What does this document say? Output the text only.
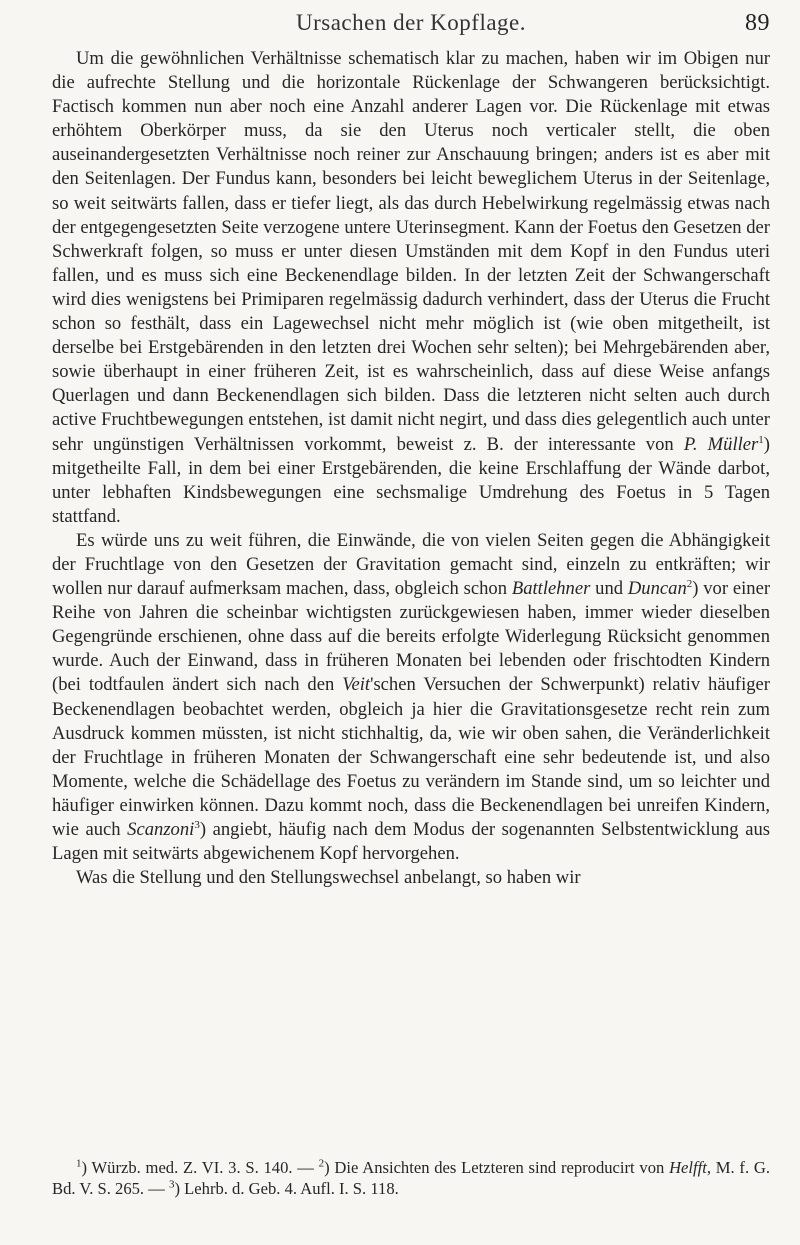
Ursachen der Kopflage.	89

Um die gewöhnlichen Verhältnisse schematisch klar zu machen, haben wir im Obigen nur die aufrechte Stellung und die horizontale Rückenlage der Schwangeren berücksichtigt. Factisch kommen nun aber noch eine Anzahl anderer Lagen vor. Die Rückenlage mit etwas erhöhtem Oberkörper muss, da sie den Uterus noch verticaler stellt, die oben auseinandergesetzten Verhältnisse noch reiner zur Anschauung bringen; anders ist es aber mit den Seitenlagen. Der Fundus kann, besonders bei leicht beweglichem Uterus in der Seitenlage, so weit seitwärts fallen, dass er tiefer liegt, als das durch Hebelwirkung regelmässig etwas nach der entgegengesetzten Seite verzogene untere Uterinsegment. Kann der Foetus den Gesetzen der Schwerkraft folgen, so muss er unter diesen Umständen mit dem Kopf in den Fundus uteri fallen, und es muss sich eine Beckenendlage bilden. In der letzten Zeit der Schwangerschaft wird dies wenigstens bei Primiparen regelmässig dadurch verhindert, dass der Uterus die Frucht schon so festhält, dass ein Lagewechsel nicht mehr möglich ist (wie oben mitgetheilt, ist derselbe bei Erstgebärenden in den letzten drei Wochen sehr selten); bei Mehrgebärenden aber, sowie überhaupt in einer früheren Zeit, ist es wahrscheinlich, dass auf diese Weise anfangs Querlagen und dann Beckenendlagen sich bilden. Dass die letzteren nicht selten auch durch active Fruchtbewegungen entstehen, ist damit nicht negirt, und dass dies gelegentlich auch unter sehr ungünstigen Verhältnissen vorkommt, beweist z. B. der interessante von P. Müller$^1$) mitgetheilte Fall, in dem bei einer Erstgebärenden, die keine Erschlaffung der Wände darbot, unter lebhaften Kindsbewegungen eine sechsmalige Umdrehung des Foetus in 5 Tagen stattfand.

Es würde uns zu weit führen, die Einwände, die von vielen Seiten gegen die Abhängigkeit der Fruchtlage von den Gesetzen der Gravitation gemacht sind, einzeln zu entkräften; wir wollen nur darauf aufmerksam machen, dass, obgleich schon Battlehner und Duncan$^2$) vor einer Reihe von Jahren die scheinbar wichtigsten zurückgewiesen haben, immer wieder dieselben Gegengründe erschienen, ohne dass auf die bereits erfolgte Widerlegung Rücksicht genommen wurde. Auch der Einwand, dass in früheren Monaten bei lebenden oder frischtodten Kindern (bei todtfaulen ändert sich nach den Veit'schen Versuchen der Schwerpunkt) relativ häufiger Beckenendlagen beobachtet werden, obgleich ja hier die Gravitationsgesetze recht rein zum Ausdruck kommen müssten, ist nicht stichhaltig, da, wie wir oben sahen, die Veränderlichkeit der Fruchtlage in früheren Monaten der Schwangerschaft eine sehr bedeutende ist, und also Momente, welche die Schädellage des Foetus zu verändern im Stande sind, um so leichter und häufiger einwirken können. Dazu kommt noch, dass die Beckenendlagen bei unreifen Kindern, wie auch Scanzoni$^3$) angiebt, häufig nach dem Modus der sogenannten Selbstentwicklung aus Lagen mit seitwärts abgewichenem Kopf hervorgehen.

Was die Stellung und den Stellungswechsel anbelangt, so haben wir

$^1$) Würzb. med. Z. VI. 3. S. 140. — $^2$) Die Ansichten des Letzteren sind reproducirt von Helfft, M. f. G. Bd. V. S. 265. — $^3$) Lehrb. d. Geb. 4. Aufl. I. S. 118.
